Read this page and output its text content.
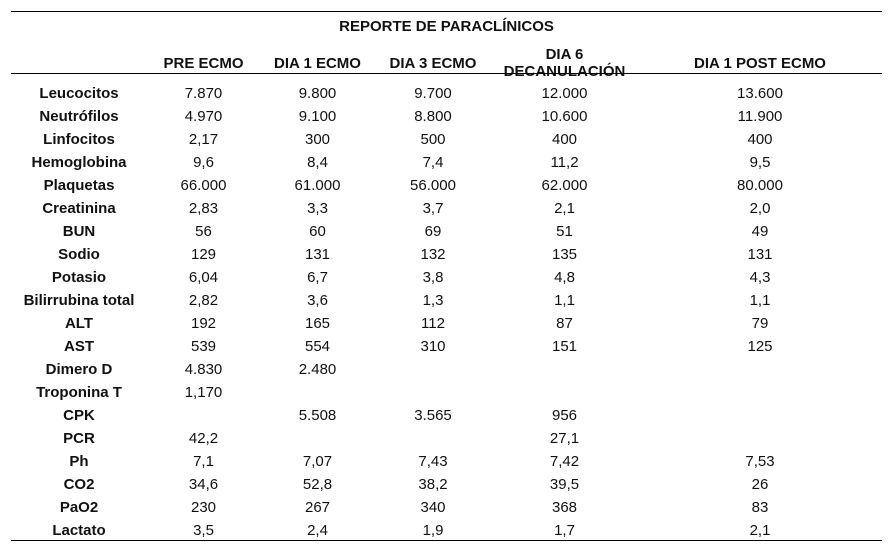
REPORTE DE PARACLÍNICOS
	PRE ECMO	DIA 1 ECMO	DIA 3 ECMO	DIA 6 DECANULACIÓN	DIA 1 POST ECMO
Leucocitos	7.870	9.800	9.700	12.000	13.600
Neutrófilos	4.970	9.100	8.800	10.600	11.900
Linfocitos	2,17	300	500	400	400
Hemoglobina	9,6	8,4	7,4	11,2	9,5
Plaquetas	66.000	61.000	56.000	62.000	80.000
Creatinina	2,83	3,3	3,7	2,1	2,0
BUN	56	60	69	51	49
Sodio	129	131	132	135	131
Potasio	6,04	6,7	3,8	4,8	4,3
Bilirrubina total	2,82	3,6	1,3	1,1	1,1
ALT	192	165	112	87	79
AST	539	554	310	151	125
Dimero D	4.830	2.480			
Troponina T	1,170				
CPK		5.508	3.565	956	
PCR	42,2			27,1	
Ph	7,1	7,07	7,43	7,42	7,53
CO2	34,6	52,8	38,2	39,5	26
PaO2	230	267	340	368	83
Lactato	3,5	2,4	1,9	1,7	2,1
